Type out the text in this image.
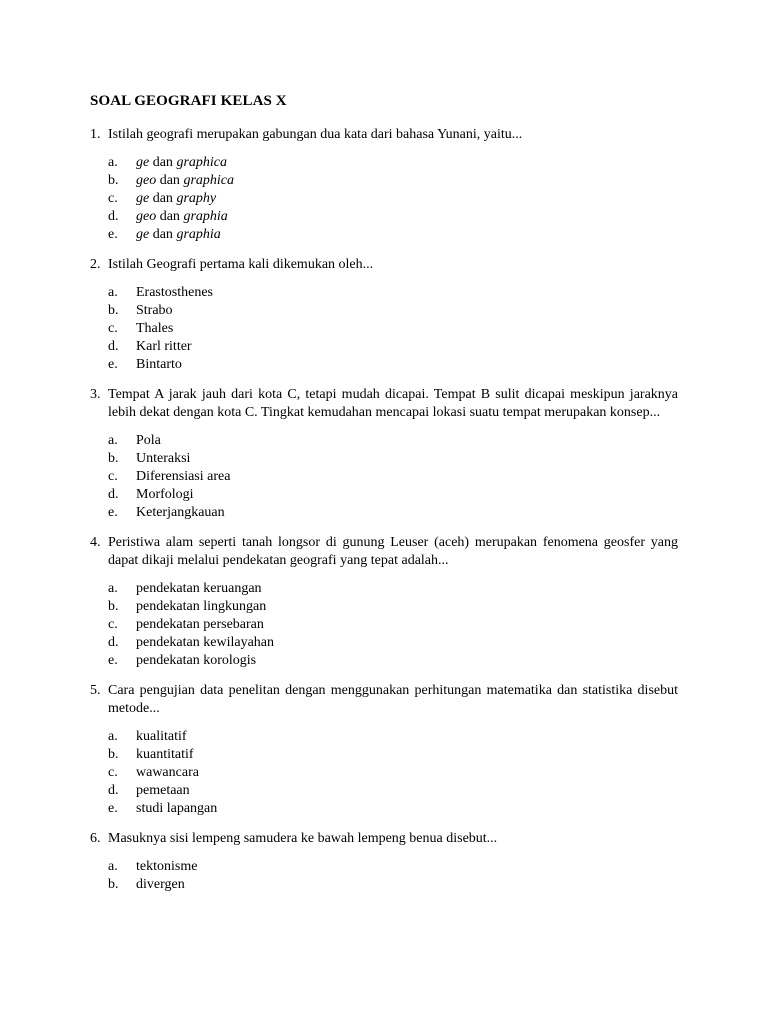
SOAL GEOGRAFI KELAS X
1. Istilah geografi merupakan gabungan dua kata dari bahasa Yunani, yaitu...
a.	ge dan graphica
b.	geo dan graphica
c.	ge dan graphy
d.	geo dan graphia
e.	ge dan graphia
2. Istilah Geografi pertama kali dikemukan oleh...
a.	Erastosthenes
b.	Strabo
c.	Thales
d.	Karl ritter
e.	Bintarto
3. Tempat A jarak jauh dari kota C, tetapi mudah dicapai. Tempat B sulit dicapai meskipun jaraknya lebih dekat dengan kota C. Tingkat kemudahan mencapai lokasi suatu tempat merupakan konsep...
a.	Pola
b.	Unteraksi
c.	Diferensiasi area
d.	Morfologi
e.	Keterjangkauan
4. Peristiwa alam seperti tanah longsor di gunung Leuser (aceh) merupakan fenomena geosfer yang dapat dikaji melalui pendekatan geografi yang tepat adalah...
a.	pendekatan keruangan
b.	pendekatan lingkungan
c.	pendekatan persebaran
d.	pendekatan kewilayahan
e.	pendekatan korologis
5. Cara pengujian data penelitan dengan menggunakan perhitungan matematika dan statistika disebut metode...
a.	kualitatif
b.	kuantitatif
c.	wawancara
d.	pemetaan
e.	studi lapangan
6. Masuknya sisi lempeng samudera ke bawah lempeng benua disebut...
a.	tektonisme
b.	divergen
